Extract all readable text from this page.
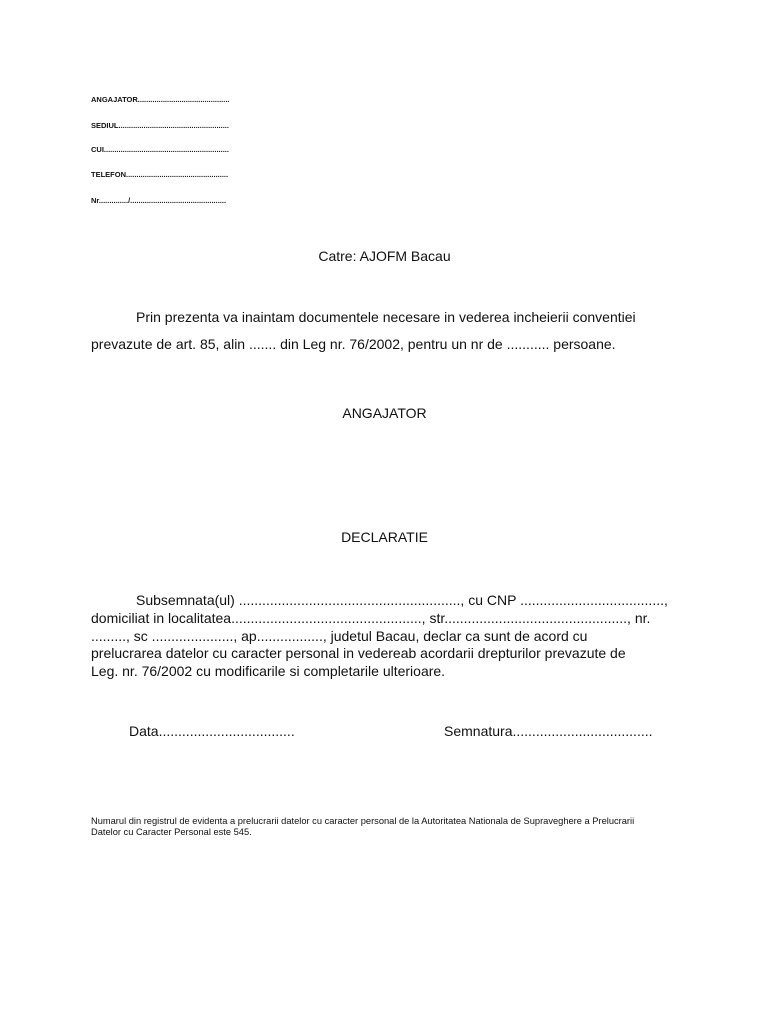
ANGAJATOR............................................
SEDIUL.....................................................
CUI............................................................
TELEFON.................................................
Nr............../..............................................
Catre: AJOFM Bacau
Prin prezenta va inaintam documentele necesare in vederea incheierii conventiei
prevazute de art. 85, alin ....... din Leg nr. 76/2002, pentru un nr de ........... persoane.
ANGAJATOR
DECLARATIE
Subsemnata(ul) ........................................................., cu CNP .....................................,
domiciliat in localitatea................................................., str..............................................., nr.
........., sc ....................., ap................., judetul Bacau, declar ca sunt de acord cu
prelucrarea datelor cu caracter personal in vedereab acordarii drepturilor prevazute de
Leg. nr. 76/2002 cu modificarile si completarile ulterioare.
Data...................................	Semnatura....................................
Numarul din registrul de evidenta a prelucrarii datelor cu caracter personal de la Autoritatea Nationala de Supraveghere a Prelucrarii
Datelor cu Caracter Personal este 545.
